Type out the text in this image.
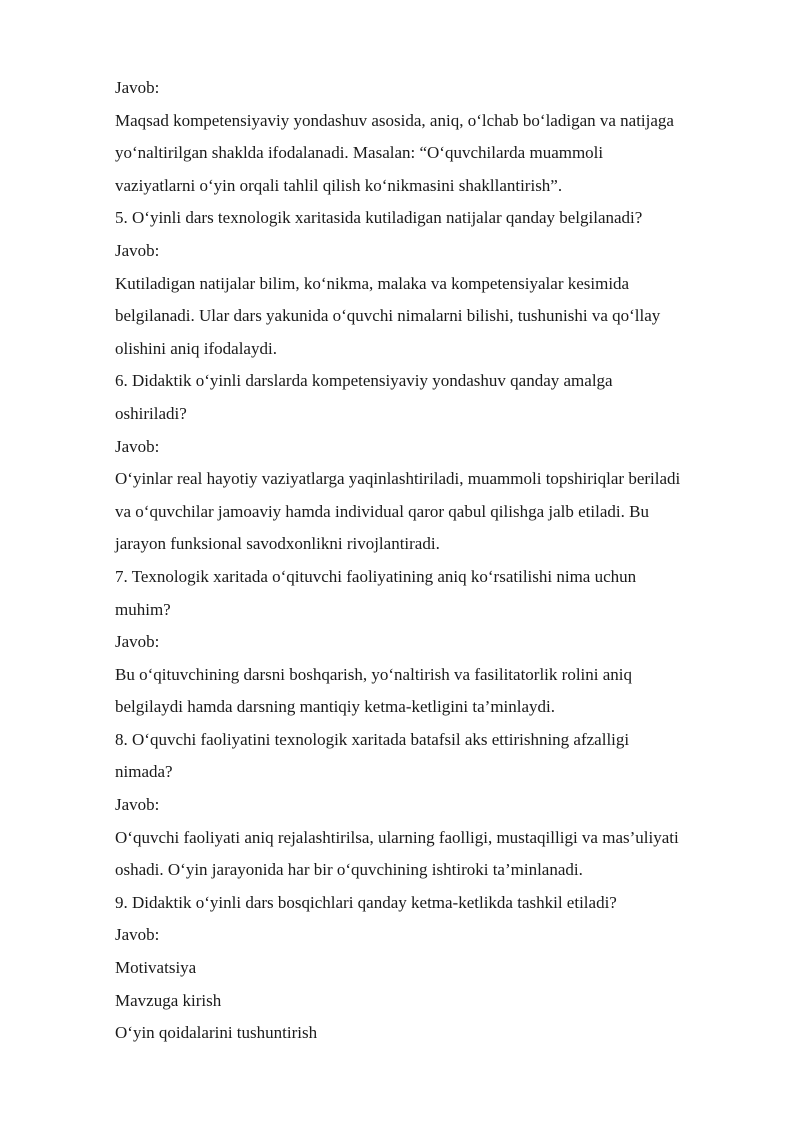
Javob:
Maqsad kompetensiyaviy yondashuv asosida, aniq, o‘lchab bo‘ladigan va natijaga
yo‘naltirilgan shaklda ifodalanadi. Masalan: “O‘quvchilarda muammoli
vaziyatlarni o‘yin orqali tahlil qilish ko‘nikmasini shakllantirish”.
5. O‘yinli dars texnologik xaritasida kutiladigan natijalar qanday belgilanadi?
Javob:
Kutiladigan natijalar bilim, ko‘nikma, malaka va kompetensiyalar kesimida
belgilanadi. Ular dars yakunida o‘quvchi nimalarni bilishi, tushunishi va qo‘llay
olishini aniq ifodalaydi.
6. Didaktik o‘yinli darslarda kompetensiyaviy yondashuv qanday amalga
oshiriladi?
Javob:
O‘yinlar real hayotiy vaziyatlarga yaqinlashtiriladi, muammoli topshiriqlar beriladi
va o‘quvchilar jamoaviy hamda individual qaror qabul qilishga jalb etiladi. Bu
jarayon funksional savodxonlikni rivojlantiradi.
7. Texnologik xaritada o‘qituvchi faoliyatining aniq ko‘rsatilishi nima uchun
muhim?
Javob:
Bu o‘qituvchining darsni boshqarish, yo‘naltirish va fasilitatorlik rolini aniq
belgilaydi hamda darsning mantiqiy ketma-ketligini ta’minlaydi.
8. O‘quvchi faoliyatini texnologik xaritada batafsil aks ettirishning afzalligi
nimada?
Javob:
O‘quvchi faoliyati aniq rejalashtirilsa, ularning faolligi, mustaqilligi va mas’uliyati
oshadi. O‘yin jarayonida har bir o‘quvchining ishtiroki ta’minlanadi.
9. Didaktik o‘yinli dars bosqichlari qanday ketma-ketlikda tashkil etiladi?
Javob:
Motivatsiya
Mavzuga kirish
O‘yin qoidalarini tushuntirish
